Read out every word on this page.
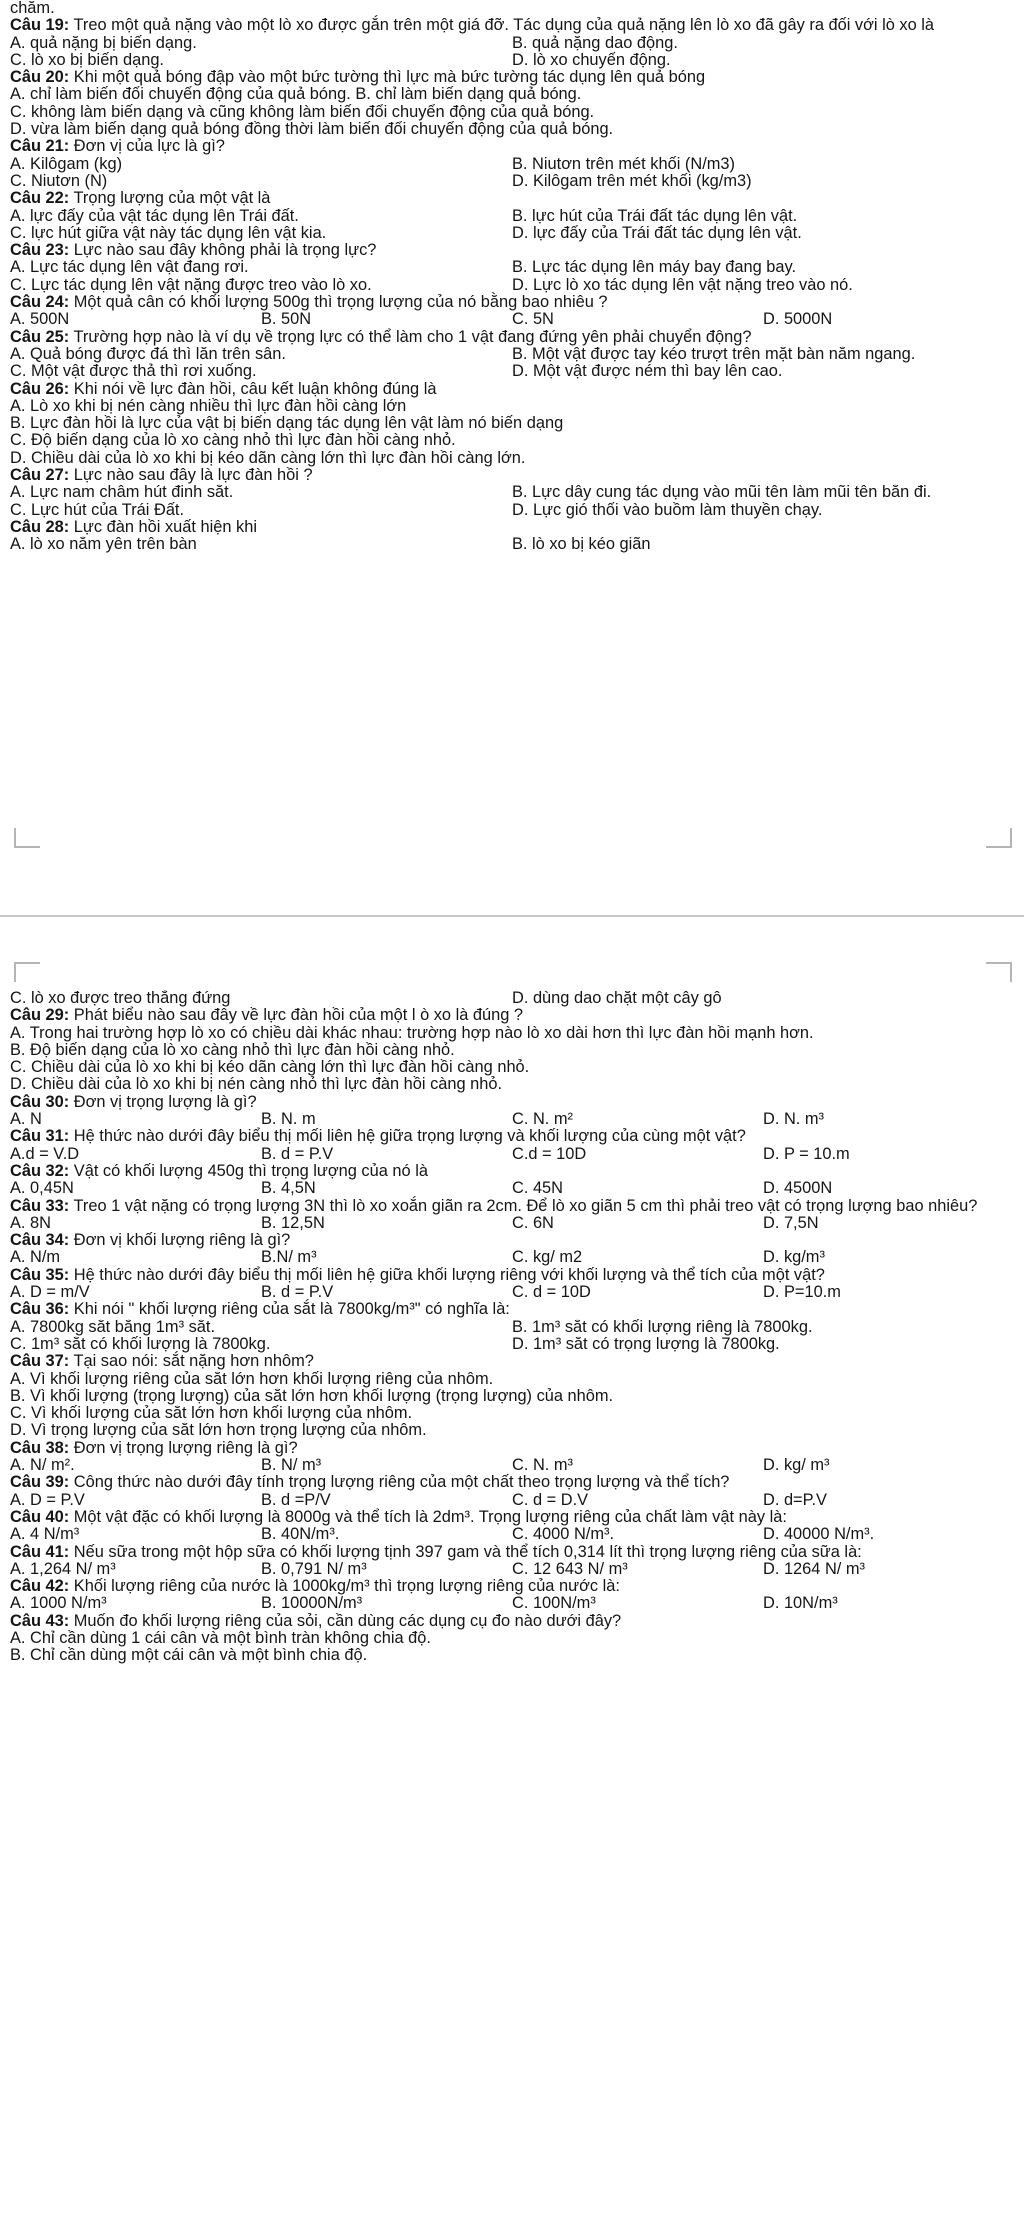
chăm.

Câu 19: Treo một quả nặng vào một lò xo được gắn trên một giá đỡ. Tác dụng của quả nặng lên lò xo đã gây ra đối với lò xo là

A. quả nặng bị biến dạng.	B. quả nặng dao động.
C. lò xo bị biến dạng.	D. lò xo chuyển động.

Câu 20: Khi một quả bóng đập vào một bức tường thì lực mà bức tường tác dụng lên quả bóng

A. chỉ làm biến đổi chuyển động của quả bóng. B. chỉ làm biến dạng quả bóng.
C. không làm biến dạng và cũng không làm biến đổi chuyển động của quả bóng.
D. vừa làm biến dạng quả bóng đồng thời làm biến đổi chuyển động của quả bóng.

Câu 21: Đơn vị của lực là gì?

A. Kilôgam (kg)	B. Niutơn trên mét khối (N/m3)
C. Niutơn (N)	D. Kilôgam trên mét khối (kg/m3)

Câu 22: Trọng lượng của một vật là

A. lực đẩy của vật tác dụng lên Trái đất.	B. lực hút của Trái đất tác dụng lên vật.
C. lực hút giữa vật này tác dụng lên vật kia.	D. lực đẩy của Trái đất tác dụng lên vật.

Câu 23: Lực nào sau đây không phải là trọng lực?

A. Lực tác dụng lên vật đang rơi.	B. Lực tác dụng lên máy bay đang bay.
C. Lực tác dụng lên vật nặng được treo vào lò xo.	D. Lực lò xo tác dụng lên vật nặng treo vào nó.

Câu 24: Một quả cân có khối lượng 500g thì trọng lượng của nó bằng bao nhiêu ?

A. 500N	B. 50N	C. 5N	D. 5000N

Câu 25: Trường hợp nào là ví dụ về trọng lực có thể làm cho 1 vật đang đứng yên phải chuyển động?

A. Quả bóng được đá thì lăn trên sân.	B. Một vật được tay kéo trượt trên mặt bàn nằm ngang.
C. Một vật được thả thì rơi xuống.	D. Một vật được ném thì bay lên cao.

Câu 26: Khi nói về lực đàn hồi, câu kết luận không đúng là

A. Lò xo khi bị nén càng nhiều thì lực đàn hồi càng lớn
B. Lực đàn hồi là lực của vật bị biến dạng tác dụng lên vật làm nó biến dạng
C. Độ biến dạng của lò xo càng nhỏ thì lực đàn hồi càng nhỏ.
D. Chiều dài của lò xo khi bị kéo dãn càng lớn thì lực đàn hồi càng lớn.

Câu 27: Lực nào sau đây là lực đàn hồi ?

A. Lực nam châm hút đinh sắt.	B. Lực dây cung tác dụng vào mũi tên làm mũi tên bắn đi.
C. Lực hút của Trái Đất.	D. Lực gió thổi vào buồm làm thuyền chạy.

Câu 28: Lực đàn hồi xuất hiện khi

A. lò xo nằm yên trên bàn	B. lò xo bị kéo giãn
C. lò xo được treo thẳng đứng	D. dùng dao chặt một cây gỗ

Câu 29: Phát biểu nào sau đây về lực đàn hồi của một l ò xo là đúng ?

A. Trong hai trường hợp lò xo có chiều dài khác nhau: trường hợp nào lò xo dài hơn thì lực đàn hồi mạnh hơn.
B. Độ biến dạng của lò xo càng nhỏ thì lực đàn hồi càng nhỏ.
C. Chiều dài của lò xo khi bị kéo dãn càng lớn thì lực đàn hồi càng nhỏ.
D. Chiều dài của lò xo khi bị nén càng nhỏ thì lực đàn hồi càng nhỏ.

Câu 30: Đơn vị trọng lượng là gì?

A. N	B. N. m	C. N. m²	D. N. m³

Câu 31: Hệ thức nào dưới đây biểu thị mối liên hệ giữa trọng lượng và khối lượng của cùng một vật?

A.d = V.D	B. d = P.V	C.d = 10D	D. P = 10.m

Câu 32: Vật có khối lượng 450g thì trọng lượng của nó là

A. 0,45N	B. 4,5N	C. 45N	D. 4500N

Câu 33: Treo 1 vật nặng có trọng lượng 3N thì lò xo xoắn giãn ra 2cm. Để lò xo giãn 5 cm thì phải treo vật có trọng lượng bao nhiêu?

A. 8N	B. 12,5N	C. 6N	D. 7,5N

Câu 34: Đơn vị khối lượng riêng là gì?

A. N/m	B.N/ m³	C. kg/ m2	D. kg/m³

Câu 35: Hệ thức nào dưới đây biểu thị mối liên hệ giữa khối lượng riêng với khối lượng và thể tích của một vật?

A. D = m/V	B. d = P.V	C. d = 10D	D. P=10.m

Câu 36: Khi nói " khối lượng riêng của sắt là 7800kg/m³" có nghĩa là:

A. 7800kg sắt bằng 1m³ sắt.	B. 1m³ sắt có khối lượng riêng là 7800kg.
C. 1m³ sắt có khối lượng là 7800kg.	D. 1m³ sắt có trọng lượng là 7800kg.

Câu 37: Tại sao nói: sắt nặng hơn nhôm?

A. Vì khối lượng riêng của sắt lớn hơn khối lượng riêng của nhôm.
B. Vì khối lượng (trọng lượng) của sắt lớn hơn khối lượng (trọng lượng) của nhôm.
C. Vì khối lượng của sắt lớn hơn khối lượng của nhôm.
D. Vì trọng lượng của sắt lớn hơn trọng lượng của nhôm.

Câu 38: Đơn vị trọng lượng riêng là gì?

A. N/ m².	B. N/ m³	C. N. m³	D. kg/ m³

Câu 39: Công thức nào dưới đây tính trọng lượng riêng của một chất theo trọng lượng và thể tích?

A. D = P.V	B. d =P/V	C. d = D.V	D. d=P.V

Câu 40: Một vật đặc có khối lượng là 8000g và thể tích là 2dm³. Trọng lượng riêng của chất làm vật này là:

A. 4 N/m³	B. 40N/m³.	C. 4000 N/m³.	D. 40000 N/m³.

Câu 41: Nếu sữa trong một hộp sữa có khối lượng tịnh 397 gam và thể tích 0,314 lít thì trọng lượng riêng của sữa là:

A. 1,264 N/ m³	B. 0,791 N/ m³	C. 12 643 N/ m³	D. 1264 N/ m³

Câu 42: Khối lượng riêng của nước là 1000kg/m³ thì trọng lượng riêng của nước là:

A. 1000 N/m³	B. 10000N/m³	C. 100N/m³	D. 10N/m³

Câu 43: Muốn đo khối lượng riêng của sỏi, cần dùng các dụng cụ đo nào dưới đây?

A. Chỉ cần dùng 1 cái cân và một bình tràn không chia độ.
B. Chỉ cần dùng một cái cân và một bình chia độ.
